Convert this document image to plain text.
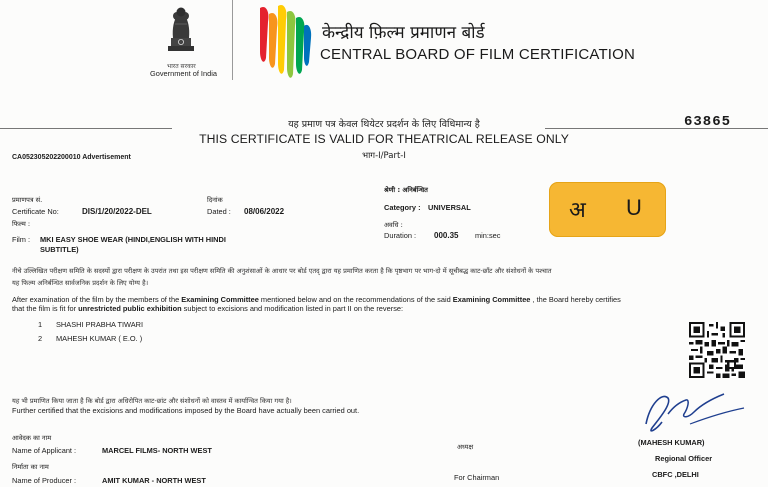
भारत सरकार
Government of India
केन्द्रीय फ़िल्म प्रमाणन बोर्ड
CENTRAL BOARD OF FILM CERTIFICATION
यह प्रमाण पत्र केवल थियेटर प्रदर्शन के लिए विधिमान्य है
THIS CERTIFICATE IS VALID FOR THEATRICAL RELEASE ONLY
भाग-I/Part-I
63865
CA052305202200010 Advertisement
प्रमाणपत्र सं.
Certificate No:	DIS/1/20/2022-DEL
दिनांक
Dated : 08/06/2022
श्रेणी : अनिर्बन्धित
Category : UNIVERSAL
अवधि :
Duration : 000.35 min:sec
अ U
फिल्म :
Film : MKI EASY SHOE WEAR (HINDI,ENGLISH WITH HINDI
SUBTITLE)
नीचे उल्लिखित परीक्षण समिति के सदस्यों द्वारा परीक्षण के उपरांत तथा इस परीक्षण समिति की अनुशंसाओं के आधार पर बोर्ड एतद् द्वारा यह प्रमाणित करता है कि पृष्ठभाग पर भाग-दो में सूचीबद्ध काट-छाँट और संशोधनों के पश्चात
यह फिल्म अनिर्बन्धित सार्वजनिक प्रदर्शन के लिए योग्य है।
After examination of the film by the members of the Examining Committee mentioned below and on the recommendations of the said Examining Committee , the Board hereby certifies
that the film is fit for unrestricted public exhibition subject to excisions and modification listed in part II on the reverse:
1 SHASHI PRABHA TIWARI
2 MAHESH KUMAR ( E.O. )
यह भी प्रमाणित किया जाता है कि बोर्ड द्वारा अधिरोपित काट-छांट और संशोधनों को वास्तव में कार्यान्वित किया गया है।
Further certified that the excisions and modifications imposed by the Board have actually been carried out.
आवेदक का नाम
Name of Applicant :	MARCEL FILMS- NORTH WEST
निर्माता का नाम
Name of Producer :	AMIT KUMAR - NORTH WEST
अध्यक्ष
For Chairman
(MAHESH KUMAR)
Regional Officer
CBFC ,DELHI
